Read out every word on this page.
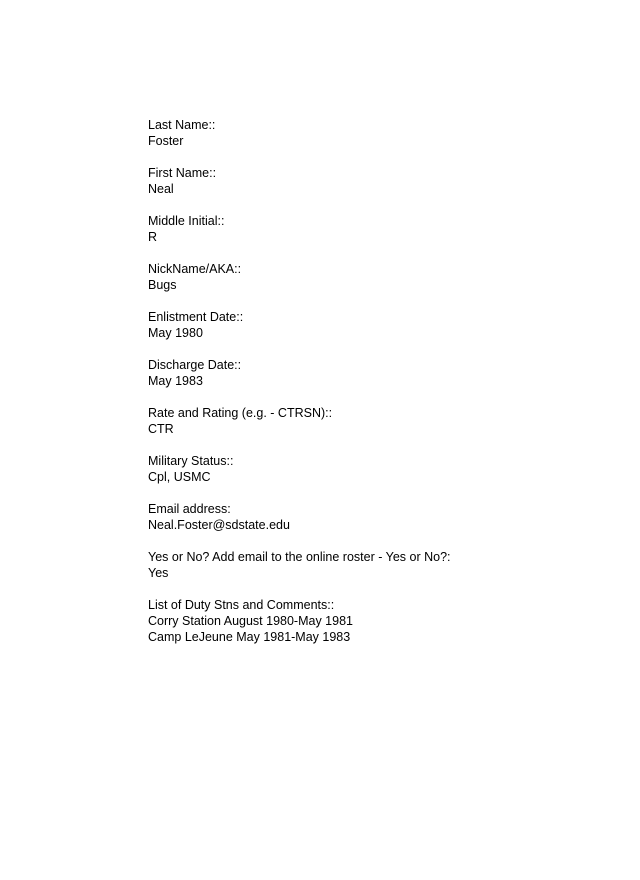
Last Name::
Foster
First Name::
Neal
Middle Initial::
R
NickName/AKA::
Bugs
Enlistment Date::
May 1980
Discharge Date::
May 1983
Rate and Rating (e.g. - CTRSN)::
CTR
Military Status::
Cpl, USMC
Email address:
Neal.Foster@sdstate.edu
Yes or No? Add email to the online roster - Yes or No?:
Yes
List of Duty Stns and Comments::
Corry Station August 1980-May 1981
Camp LeJeune May 1981-May 1983
